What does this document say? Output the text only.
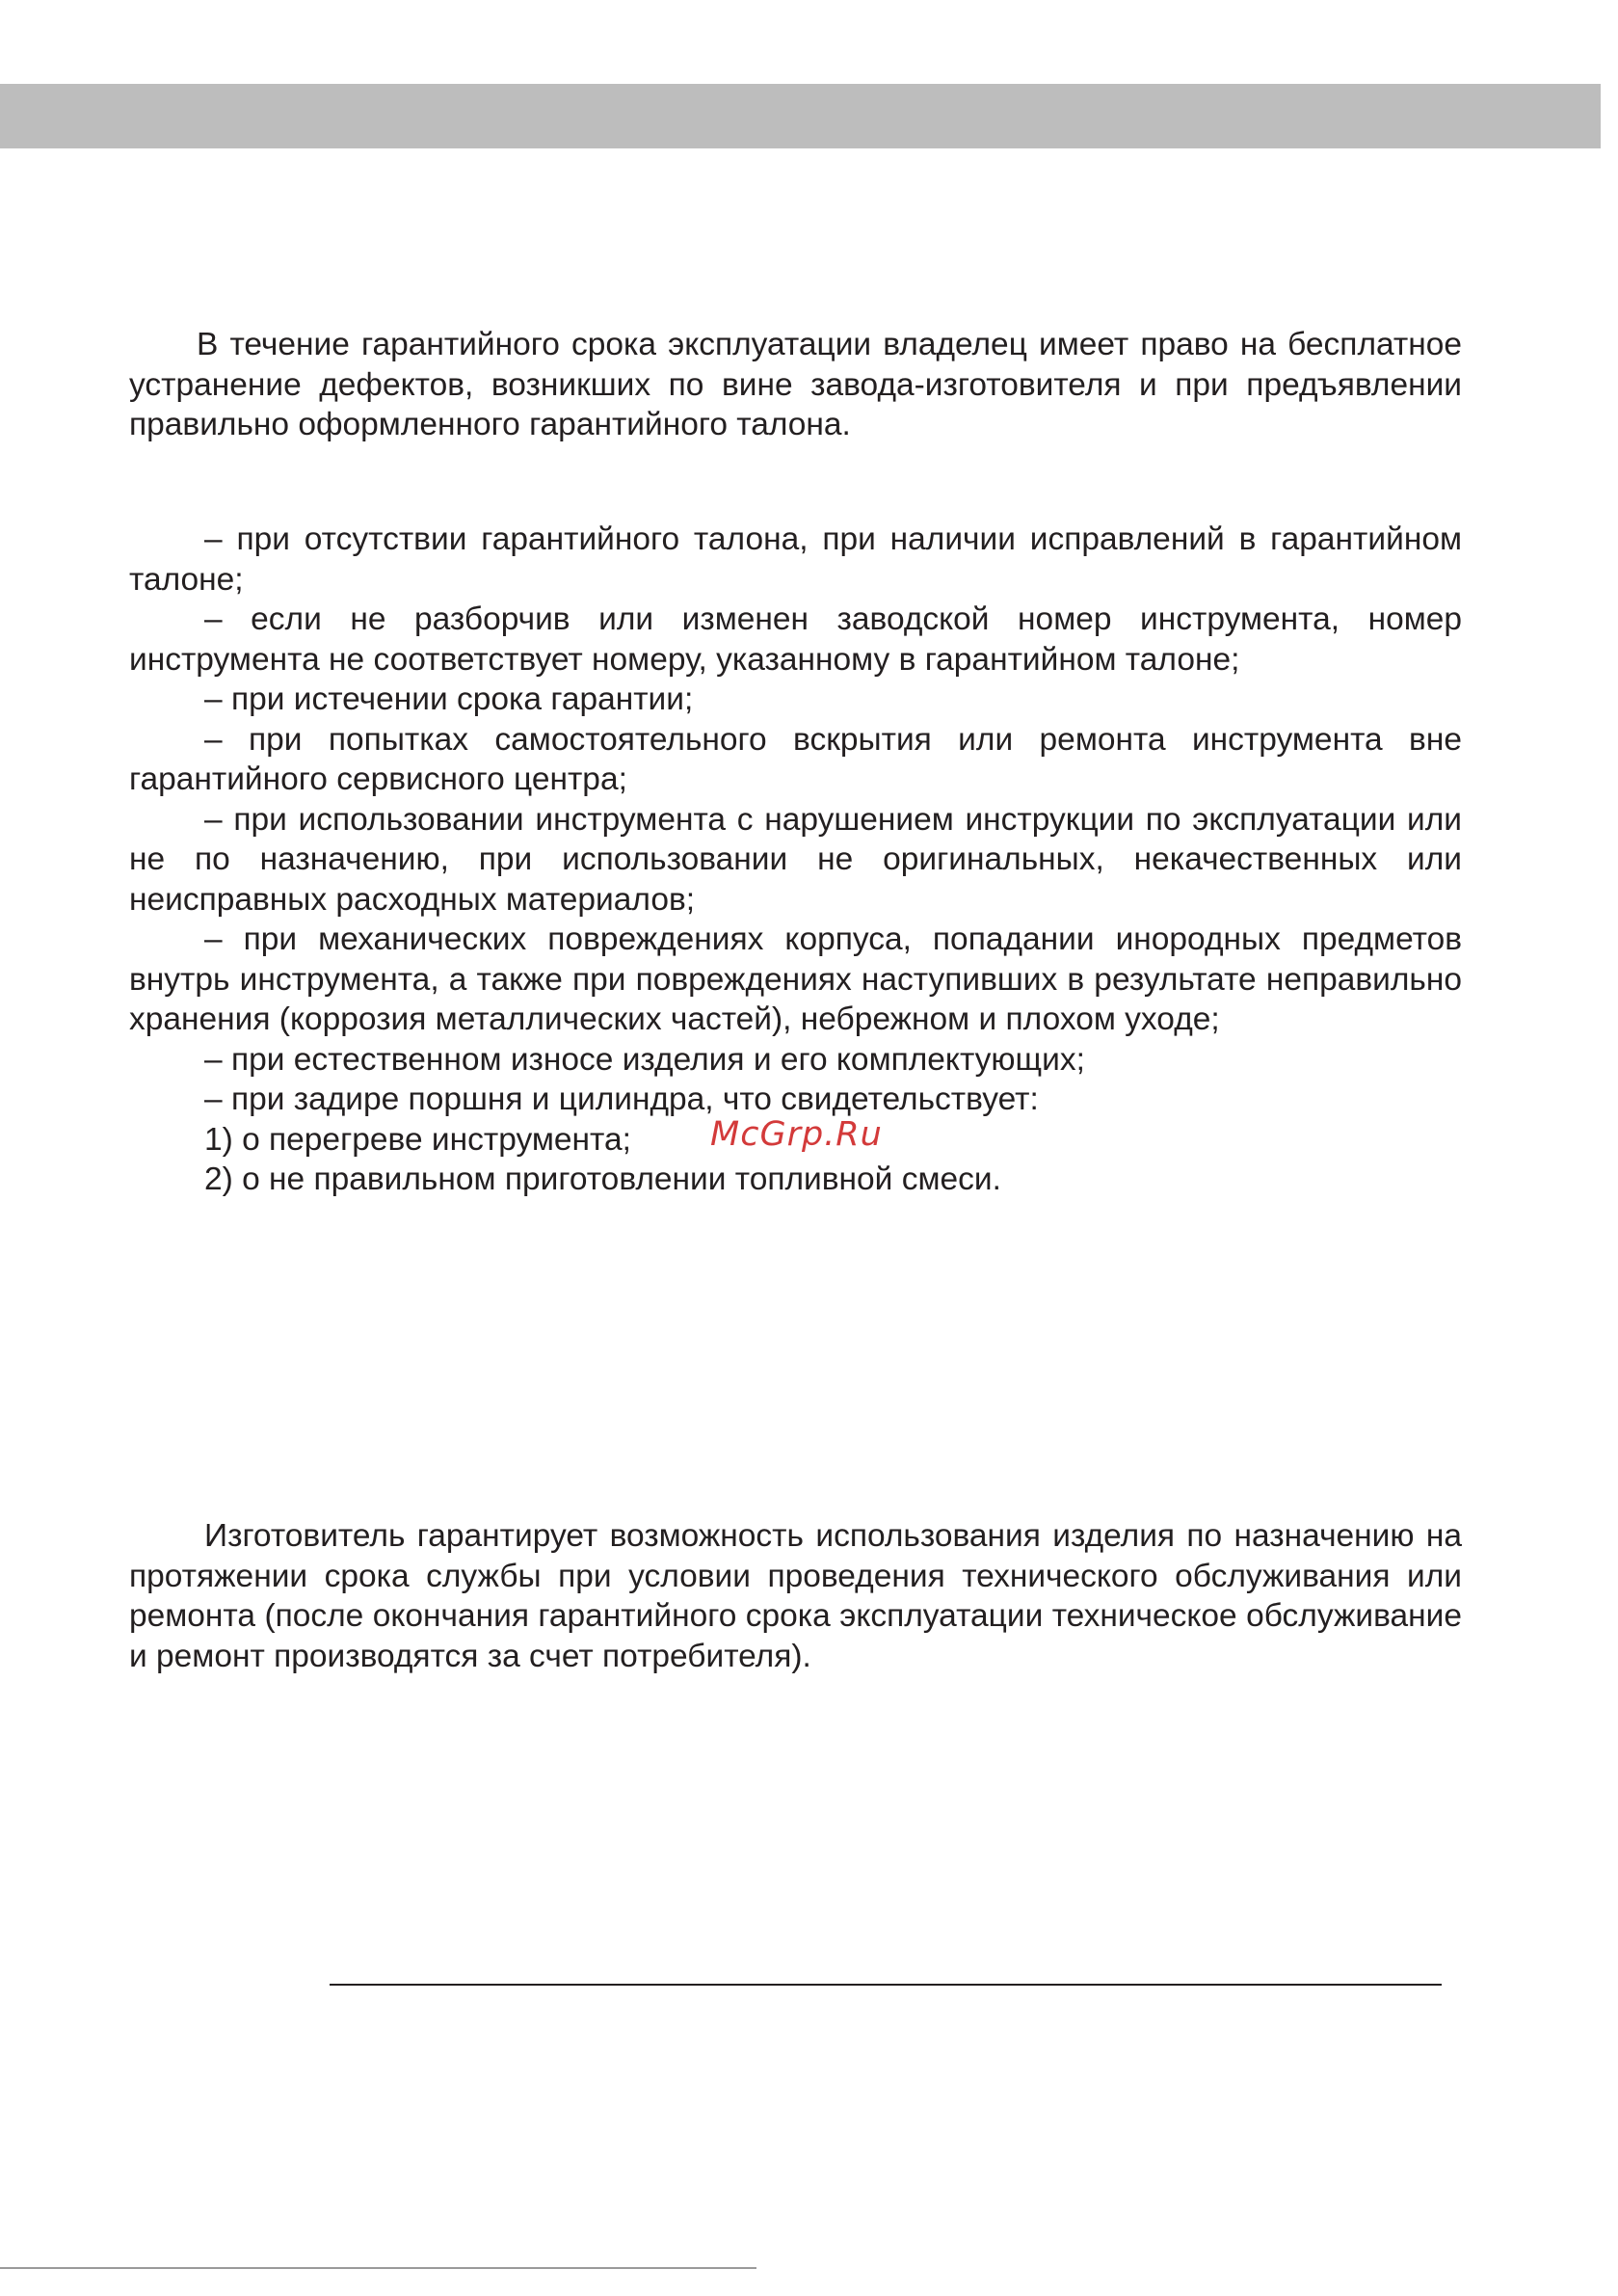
В течение гарантийного срока эксплуатации владелец имеет право на бесплатное устранение дефектов, возникших по вине завода-изготовителя и при предъявлении правильно оформленного гарантийного талона.

– при отсутствии гарантийного талона, при наличии исправлений в гарантийном талоне;

– если не разборчив или изменен заводской номер инструмента, номер инструмента не соответствует номеру, указанному в гарантийном талоне;

– при истечении срока гарантии;

– при попытках самостоятельного вскрытия или ремонта инструмента вне гарантийного сервисного центра;

– при использовании инструмента с нарушением инструкции по эксплуатации или не по назначению, при использовании не оригинальных, некачественных или неисправных расходных материалов;

– при механических повреждениях корпуса, попадании инородных предметов внутрь инструмента, а также при повреждениях наступивших в результате неправильно хранения (коррозия металлических частей), небрежном и плохом уходе;

– при естественном износе изделия и его комплектующих;

– при задире поршня и цилиндра, что свидетельствует:

1) о перегреве инструмента;

2) о не правильном приготовлении топливной смеси.

McGrp.Ru

Изготовитель гарантирует возможность использования изделия по назначению на протяжении срока службы при условии проведения технического обслуживания или ремонта (после окончания гарантийного срока эксплуатации техническое обслуживание и ремонт производятся за счет потребителя).
